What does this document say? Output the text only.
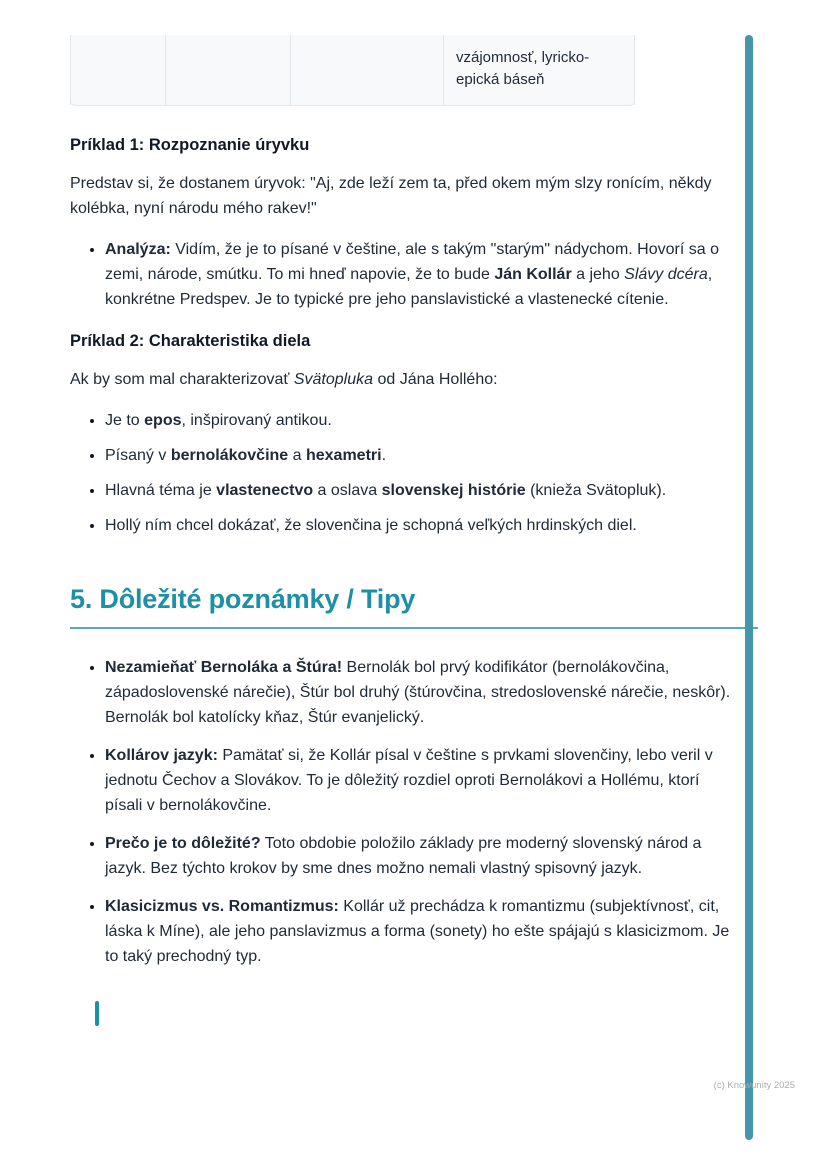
vzájomnosť, lyricko-epická báseň
Príklad 1: Rozpoznanie úryvku

Predstav si, že dostanem úryvok: "Aj, zde leží zem ta, před okem mým slzy ronícím, někdy kolébka, nyní národu mého rakev!"

• Analýza: Vidím, že je to písané v češtine, ale s takým "starým" nádychom. Hovorí sa o zemi, národe, smútku. To mi hneď napovie, že to bude Ján Kollár a jeho Slávy dcéra, konkrétne Predspev. Je to typické pre jeho panslavistické a vlastenecké cítenie.
Príklad 2: Charakteristika diela

Ak by som mal charakterizovať Svätopluka od Jána Hollého:

• Je to epos, inšpirovaný antikou.
• Písaný v bernolákovčine a hexametri.
• Hlavná téma je vlastenectvo a oslava slovenskej histórie (knieža Svätopluk).
• Hollý ním chcel dokázať, že slovenčina je schopná veľkých hrdinských diel.
5. Dôležité poznámky / Tipy
• Nezamieňať Bernoláka a Štúra! Bernolák bol prvý kodifikátor (bernolákovčina, západoslovenské nárečie), Štúr bol druhý (štúrovčina, stredoslovenské nárečie, neskôr). Bernolák bol katolícky kňaz, Štúr evanjelický.
• Kollárov jazyk: Pamätať si, že Kollár písal v češtine s prvkami slovenčiny, lebo veril v jednotu Čechov a Slovákov. To je dôležitý rozdiel oproti Bernolákovi a Hollému, ktorí písali v bernolákovčine.
• Prečo je to dôležité? Toto obdobie položilo základy pre moderný slovenský národ a jazyk. Bez týchto krokov by sme dnes možno nemali vlastný spisovný jazyk.
• Klasicizmus vs. Romantizmus: Kollár už prechádza k romantizmu (subjektívnosť, cit, láska k Míne), ale jeho panslavizmus a forma (sonety) ho ešte spájajú s klasicizmom. Je to taký prechodný typ.
(c) Knowunity 2025
